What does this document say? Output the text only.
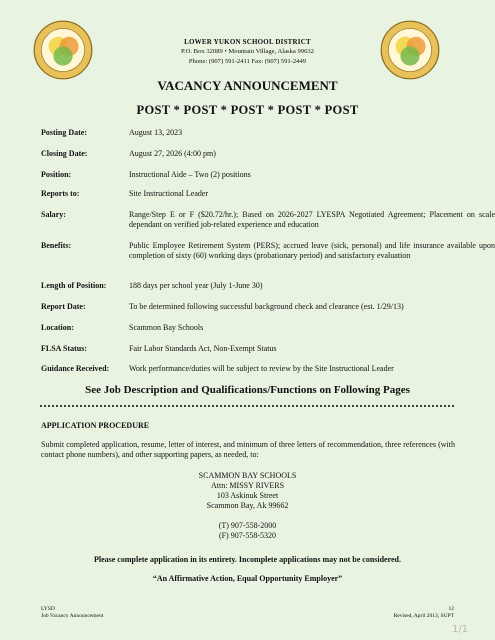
LOWER YUKON SCHOOL DISTRICT
P.O. Box 32089 • Mountain Village, Alaska 99632
Phone: (907) 591-2411 Fax: (907) 591-2449
VACANCY ANNOUNCEMENT
POST * POST * POST * POST * POST
Posting Date:	August 13, 2023
Closing Date:	August 27, 2026 (4:00 pm)
Position:	Instructional Aide – Two (2) positions
Reports to:	Site Instructional Leader
Salary:	Range/Step E or F ($20.72/hr.); Based on 2026-2027 LYESPA Negotiated Agreement; Placement on scale dependant on verified job-related experience and education
Benefits:	Public Employee Retirement System (PERS); accrued leave (sick, personal) and life insurance available upon completion of sixty (60) working days (probationary period) and satisfactory evaluation
Length of Position:	188 days per school year (July 1-June 30)
Report Date:	To be determined following successful background check and clearance (est. 1/29/13)
Location:	Scammon Bay Schools
FLSA Status:	Fair Labor Standards Act, Non-Exempt Status
Guidance Received:	Work performance/duties will be subject to review by the Site Instructional Leader
See Job Description and Qualifications/Functions on Following Pages
APPLICATION PROCEDURE
Submit completed application, resume, letter of interest, and minimum of three letters of recommendation, three references (with contact phone numbers), and other supporting papers, as needed, to:
SCAMMON BAY SCHOOLS
Attn: MISSY RIVERS
103 Askinuk Street
Scammon Bay, Ak 99662
(T) 907-558-2000
(F) 907-558-5320
Please complete application in its entirety. Incomplete applications may not be considered.
“An Affirmative Action, Equal Opportunity Employer”
LYSD
Job Vacancy Announcement
12
Revised, April 2013, SUPT
1/1
